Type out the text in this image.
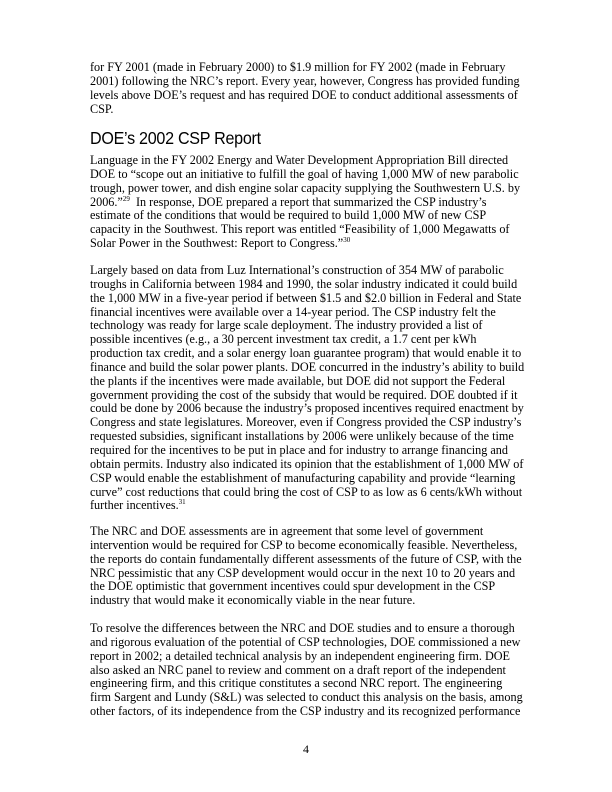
for FY 2001 (made in February 2000) to $1.9 million for FY 2002 (made in February
2001) following the NRC’s report. Every year, however, Congress has provided funding
levels above DOE’s request and has required DOE to conduct additional assessments of
CSP.
DOE’s 2002 CSP Report
Language in the FY 2002 Energy and Water Development Appropriation Bill directed
DOE to “scope out an initiative to fulfill the goal of having 1,000 MW of new parabolic
trough, power tower, and dish engine solar capacity supplying the Southwestern U.S. by
2006.”$^{29}$  In response, DOE prepared a report that summarized the CSP industry’s
estimate of the conditions that would be required to build 1,000 MW of new CSP
capacity in the Southwest. This report was entitled “Feasibility of 1,000 Megawatts of
Solar Power in the Southwest: Report to Congress.”$^{30}$
Largely based on data from Luz International’s construction of 354 MW of parabolic
troughs in California between 1984 and 1990, the solar industry indicated it could build
the 1,000 MW in a five-year period if between $1.5 and $2.0 billion in Federal and State
financial incentives were available over a 14-year period. The CSP industry felt the
technology was ready for large scale deployment. The industry provided a list of
possible incentives (e.g., a 30 percent investment tax credit, a 1.7 cent per kWh
production tax credit, and a solar energy loan guarantee program) that would enable it to
finance and build the solar power plants. DOE concurred in the industry’s ability to build
the plants if the incentives were made available, but DOE did not support the Federal
government providing the cost of the subsidy that would be required. DOE doubted if it
could be done by 2006 because the industry’s proposed incentives required enactment by
Congress and state legislatures. Moreover, even if Congress provided the CSP industry’s
requested subsidies, significant installations by 2006 were unlikely because of the time
required for the incentives to be put in place and for industry to arrange financing and
obtain permits. Industry also indicated its opinion that the establishment of 1,000 MW of
CSP would enable the establishment of manufacturing capability and provide “learning
curve” cost reductions that could bring the cost of CSP to as low as 6 cents/kWh without
further incentives.$^{31}$
The NRC and DOE assessments are in agreement that some level of government
intervention would be required for CSP to become economically feasible. Nevertheless,
the reports do contain fundamentally different assessments of the future of CSP, with the
NRC pessimistic that any CSP development would occur in the next 10 to 20 years and
the DOE optimistic that government incentives could spur development in the CSP
industry that would make it economically viable in the near future.
To resolve the differences between the NRC and DOE studies and to ensure a thorough
and rigorous evaluation of the potential of CSP technologies, DOE commissioned a new
report in 2002; a detailed technical analysis by an independent engineering firm. DOE
also asked an NRC panel to review and comment on a draft report of the independent
engineering firm, and this critique constitutes a second NRC report. The engineering
firm Sargent and Lundy (S&L) was selected to conduct this analysis on the basis, among
other factors, of its independence from the CSP industry and its recognized performance
4
